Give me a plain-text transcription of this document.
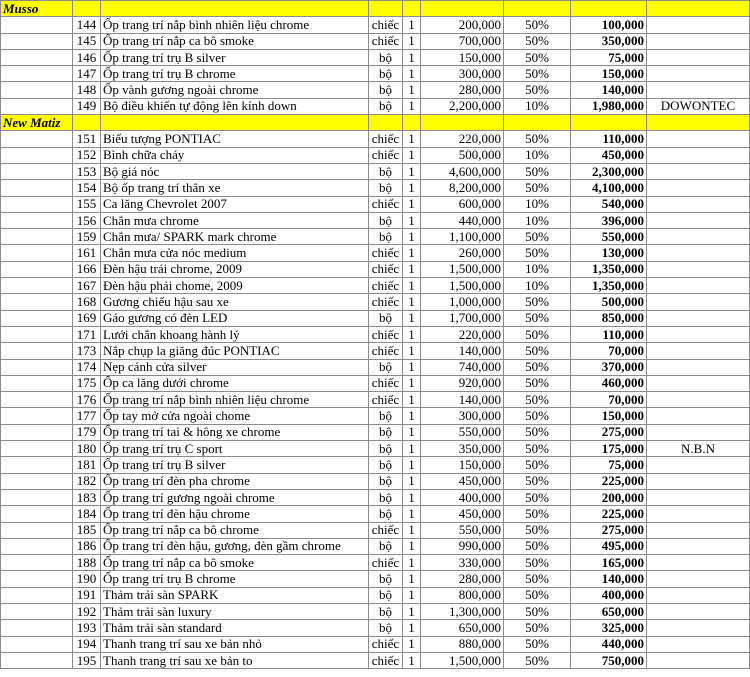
Musso								
	144	Ốp trang trí nắp bình nhiên liệu chrome	chiếc	1	200,000	50%	100,000	
	145	Ốp trang trí nắp ca bô smoke	chiếc	1	700,000	50%	350,000	
	146	Ốp trang trí trụ B silver	bộ	1	150,000	50%	75,000	
	147	Ốp trang trí trụ B chrome	bộ	1	300,000	50%	150,000	
	148	Ốp vành gương ngoài chrome	bộ	1	280,000	50%	140,000	
	149	Bộ điều khiển tự động lên kính down	bộ	1	2,200,000	10%	1,980,000	DOWONTEC
New Matiz								
	151	Biểu tượng PONTIAC	chiếc	1	220,000	50%	110,000	
	152	Bình chữa cháy	chiếc	1	500,000	10%	450,000	
	153	Bộ giá nóc	bộ	1	4,600,000	50%	2,300,000	
	154	Bộ ốp trang trí thân xe	bộ	1	8,200,000	50%	4,100,000	
	155	Ca lăng Chevrolet 2007	chiếc	1	600,000	10%	540,000	
	156	Chắn mưa chrome	bộ	1	440,000	10%	396,000	
	159	Chắn mưa/ SPARK mark chrome	bộ	1	1,100,000	50%	550,000	
	161	Chắn mưa cửa nóc medium	chiếc	1	260,000	50%	130,000	
	166	Đèn hậu trái chrome, 2009	chiếc	1	1,500,000	10%	1,350,000	
	167	Đèn hậu phải chome, 2009	chiếc	1	1,500,000	10%	1,350,000	
	168	Gương chiếu hậu sau xe	chiếc	1	1,000,000	50%	500,000	
	169	Gáo gương có đèn LED	bộ	1	1,700,000	50%	850,000	
	171	Lưới chắn khoang hành lý	chiếc	1	220,000	50%	110,000	
	173	Nắp chụp la giăng đúc PONTIAC	chiếc	1	140,000	50%	70,000	
	174	Nẹp cánh cửa silver	bộ	1	740,000	50%	370,000	
	175	Ốp ca lăng dưới chrome	chiếc	1	920,000	50%	460,000	
	176	Ốp trang trí nắp bình nhiên liệu chrome	chiếc	1	140,000	50%	70,000	
	177	Ốp tay mở cửa ngoài chome	bộ	1	300,000	50%	150,000	
	179	Ốp trang trí tai & hông xe chrome	bộ	1	550,000	50%	275,000	
	180	Ốp trang trí trụ C sport	bộ	1	350,000	50%	175,000	N.B.N
	181	Ốp trang trí trụ B silver	bộ	1	150,000	50%	75,000	
	182	Ốp trang trí đèn pha chrome	bộ	1	450,000	50%	225,000	
	183	Ốp trang trí gương ngoài chrome	bộ	1	400,000	50%	200,000	
	184	Ốp trang trí đèn hậu chrome	bộ	1	450,000	50%	225,000	
	185	Ốp trang trí nắp ca bô chrome	chiếc	1	550,000	50%	275,000	
	186	Ốp trang trí đèn hậu, gương, đèn gầm chrome	bộ	1	990,000	50%	495,000	
	188	Ốp trang trí nắp ca bô smoke	chiếc	1	330,000	50%	165,000	
	190	Ốp trang trí trụ B chrome	bộ	1	280,000	50%	140,000	
	191	Thảm trải sàn SPARK	bộ	1	800,000	50%	400,000	
	192	Thảm trải sàn luxury	bộ	1	1,300,000	50%	650,000	
	193	Thảm trải sàn standard	bộ	1	650,000	50%	325,000	
	194	Thanh trang trí sau xe bản nhỏ	chiếc	1	880,000	50%	440,000	
	195	Thanh trang trí sau xe bản to	chiếc	1	1,500,000	50%	750,000	
